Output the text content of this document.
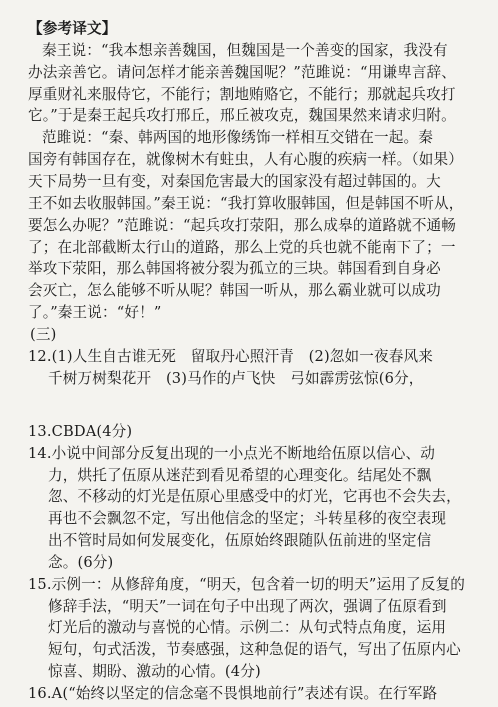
【参考译文】
秦王说：“我本想亲善魏国，但魏国是一个善变的国家，我没有
办法亲善它。请问怎样才能亲善魏国呢？”范雎说：“用谦卑言辞、
厚重财礼来服侍它，不能行；割地贿赂它，不能行；那就起兵攻打
它。”于是秦王起兵攻打邢丘，邢丘被攻克，魏国果然来请求归附。
范雎说：“秦、韩两国的地形像绣饰一样相互交错在一起。秦
国旁有韩国存在，就像树木有蛀虫，人有心腹的疾病一样。（如果）
天下局势一旦有变，对秦国危害最大的国家没有超过韩国的。大
王不如去收服韩国。”秦王说：“我打算收服韩国，但是韩国不听从，
要怎么办呢？”范雎说：“起兵攻打荥阳，那么成皋的道路就不通畅
了；在北部截断太行山的道路，那么上党的兵也就不能南下了；一
举攻下荥阳，那么韩国将被分裂为孤立的三块。韩国看到自身必
会灭亡，怎么能够不听从呢？韩国一听从，那么霸业就可以成功
了。”秦王说：“好！”
(三)
12.(1)人生自古谁无死　留取丹心照汗青　(2)忽如一夜春风来
千树万树梨花开　(3)马作的卢飞快　弓如霹雳弦惊(6分，
13.CBDA(4分)
14.小说中间部分反复出现的一小点光不断地给伍原以信心、动
力，烘托了伍原从迷茫到看见希望的心理变化。结尾处不飘
忽、不移动的灯光是伍原心里感受中的灯光，它再也不会失去，
再也不会飘忽不定，写出他信念的坚定；斗转星移的夜空表现
出不管时局如何发展变化，伍原始终跟随队伍前进的坚定信
念。(6分)
15.示例一：从修辞角度，“明天，包含着一切的明天”运用了反复的
修辞手法，“明天”一词在句子中出现了两次，强调了伍原看到
灯光后的激动与喜悦的心情。示例二：从句式特点角度，运用
短句，句式活泼，节奏感强，这种急促的语气，写出了伍原内心
惊喜、期盼、激动的心情。(4分)
16.A(“始终以坚定的信念毫不畏惧地前行”表述有误。在行军路
